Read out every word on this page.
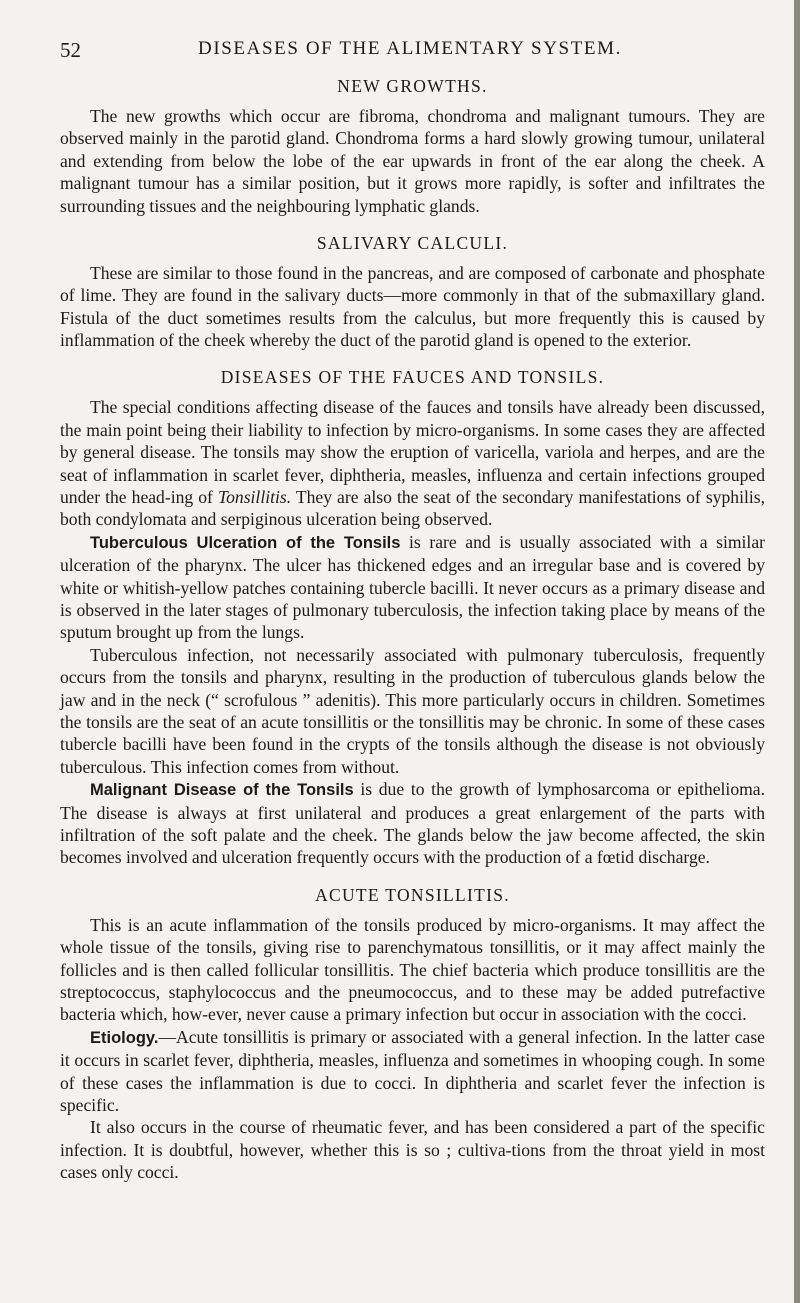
52	DISEASES OF THE ALIMENTARY SYSTEM.
NEW GROWTHS.

The new growths which occur are fibroma, chondroma and malignant tumours. They are observed mainly in the parotid gland. Chondroma forms a hard slowly growing tumour, unilateral and extending from below the lobe of the ear upwards in front of the ear along the cheek. A malignant tumour has a similar position, but it grows more rapidly, is softer and infiltrates the surrounding tissues and the neighbouring lymphatic glands.

SALIVARY CALCULI.

These are similar to those found in the pancreas, and are composed of carbonate and phosphate of lime. They are found in the salivary ducts—more commonly in that of the submaxillary gland. Fistula of the duct sometimes results from the calculus, but more frequently this is caused by inflammation of the cheek whereby the duct of the parotid gland is opened to the exterior.

DISEASES OF THE FAUCES AND TONSILS.

The special conditions affecting disease of the fauces and tonsils have already been discussed, the main point being their liability to infection by micro-organisms. In some cases they are affected by general disease. The tonsils may show the eruption of varicella, variola and herpes, and are the seat of inflammation in scarlet fever, diphtheria, measles, influenza and certain infections grouped under the head-ing of Tonsillitis. They are also the seat of the secondary manifestations of syphilis, both condylomata and serpiginous ulceration being observed.

Tuberculous Ulceration of the Tonsils is rare and is usually associated with a similar ulceration of the pharynx. The ulcer has thickened edges and an irregular base and is covered by white or whitish-yellow patches containing tubercle bacilli. It never occurs as a primary disease and is observed in the later stages of pulmonary tuberculosis, the infection taking place by means of the sputum brought up from the lungs.

Tuberculous infection, not necessarily associated with pulmonary tuberculosis, frequently occurs from the tonsils and pharynx, resulting in the production of tuberculous glands below the jaw and in the neck (“ scrofulous ” adenitis). This more particularly occurs in children. Sometimes the tonsils are the seat of an acute tonsillitis or the tonsillitis may be chronic. In some of these cases tubercle bacilli have been found in the crypts of the tonsils although the disease is not obviously tuberculous. This infection comes from without.

Malignant Disease of the Tonsils is due to the growth of lymphosarcoma or epithelioma. The disease is always at first unilateral and produces a great enlargement of the parts with infiltration of the soft palate and the cheek. The glands below the jaw become affected, the skin becomes involved and ulceration frequently occurs with the production of a fœtid discharge.

ACUTE TONSILLITIS.

This is an acute inflammation of the tonsils produced by micro-organisms. It may affect the whole tissue of the tonsils, giving rise to parenchymatous tonsillitis, or it may affect mainly the follicles and is then called follicular tonsillitis. The chief bacteria which produce tonsillitis are the streptococcus, staphylococcus and the pneumococcus, and to these may be added putrefactive bacteria which, how-ever, never cause a primary infection but occur in association with the cocci.

Etiology.—Acute tonsillitis is primary or associated with a general infection. In the latter case it occurs in scarlet fever, diphtheria, measles, influenza and sometimes in whooping cough. In some of these cases the inflammation is due to cocci. In diphtheria and scarlet fever the infection is specific.

It also occurs in the course of rheumatic fever, and has been considered a part of the specific infection. It is doubtful, however, whether this is so ; cultiva-tions from the throat yield in most cases only cocci.
